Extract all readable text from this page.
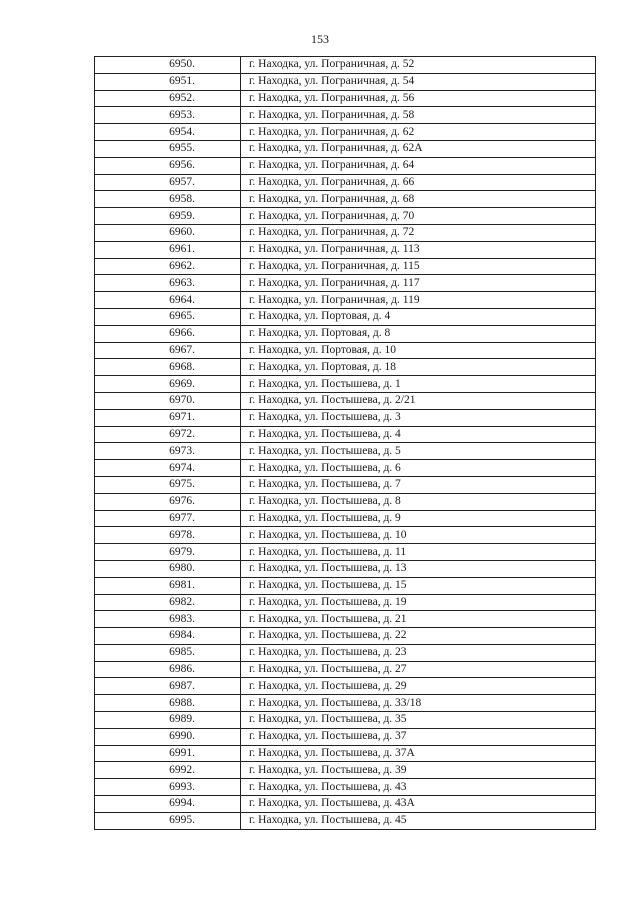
153
6950.	г. Находка, ул. Пограничная, д. 52
6951.	г. Находка, ул. Пограничная, д. 54
6952.	г. Находка, ул. Пограничная, д. 56
6953.	г. Находка, ул. Пограничная, д. 58
6954.	г. Находка, ул. Пограничная, д. 62
6955.	г. Находка, ул. Пограничная, д. 62А
6956.	г. Находка, ул. Пограничная, д. 64
6957.	г. Находка, ул. Пограничная, д. 66
6958.	г. Находка, ул. Пограничная, д. 68
6959.	г. Находка, ул. Пограничная, д. 70
6960.	г. Находка, ул. Пограничная, д. 72
6961.	г. Находка, ул. Пограничная, д. 113
6962.	г. Находка, ул. Пограничная, д. 115
6963.	г. Находка, ул. Пограничная, д. 117
6964.	г. Находка, ул. Пограничная, д. 119
6965.	г. Находка, ул. Портовая, д. 4
6966.	г. Находка, ул. Портовая, д. 8
6967.	г. Находка, ул. Портовая, д. 10
6968.	г. Находка, ул. Портовая, д. 18
6969.	г. Находка, ул. Постышева, д. 1
6970.	г. Находка, ул. Постышева, д. 2/21
6971.	г. Находка, ул. Постышева, д. 3
6972.	г. Находка, ул. Постышева, д. 4
6973.	г. Находка, ул. Постышева, д. 5
6974.	г. Находка, ул. Постышева, д. 6
6975.	г. Находка, ул. Постышева, д. 7
6976.	г. Находка, ул. Постышева, д. 8
6977.	г. Находка, ул. Постышева, д. 9
6978.	г. Находка, ул. Постышева, д. 10
6979.	г. Находка, ул. Постышева, д. 11
6980.	г. Находка, ул. Постышева, д. 13
6981.	г. Находка, ул. Постышева, д. 15
6982.	г. Находка, ул. Постышева, д. 19
6983.	г. Находка, ул. Постышева, д. 21
6984.	г. Находка, ул. Постышева, д. 22
6985.	г. Находка, ул. Постышева, д. 23
6986.	г. Находка, ул. Постышева, д. 27
6987.	г. Находка, ул. Постышева, д. 29
6988.	г. Находка, ул. Постышева, д. 33/18
6989.	г. Находка, ул. Постышева, д. 35
6990.	г. Находка, ул. Постышева, д. 37
6991.	г. Находка, ул. Постышева, д. 37А
6992.	г. Находка, ул. Постышева, д. 39
6993.	г. Находка, ул. Постышева, д. 43
6994.	г. Находка, ул. Постышева, д. 43А
6995.	г. Находка, ул. Постышева, д. 45
